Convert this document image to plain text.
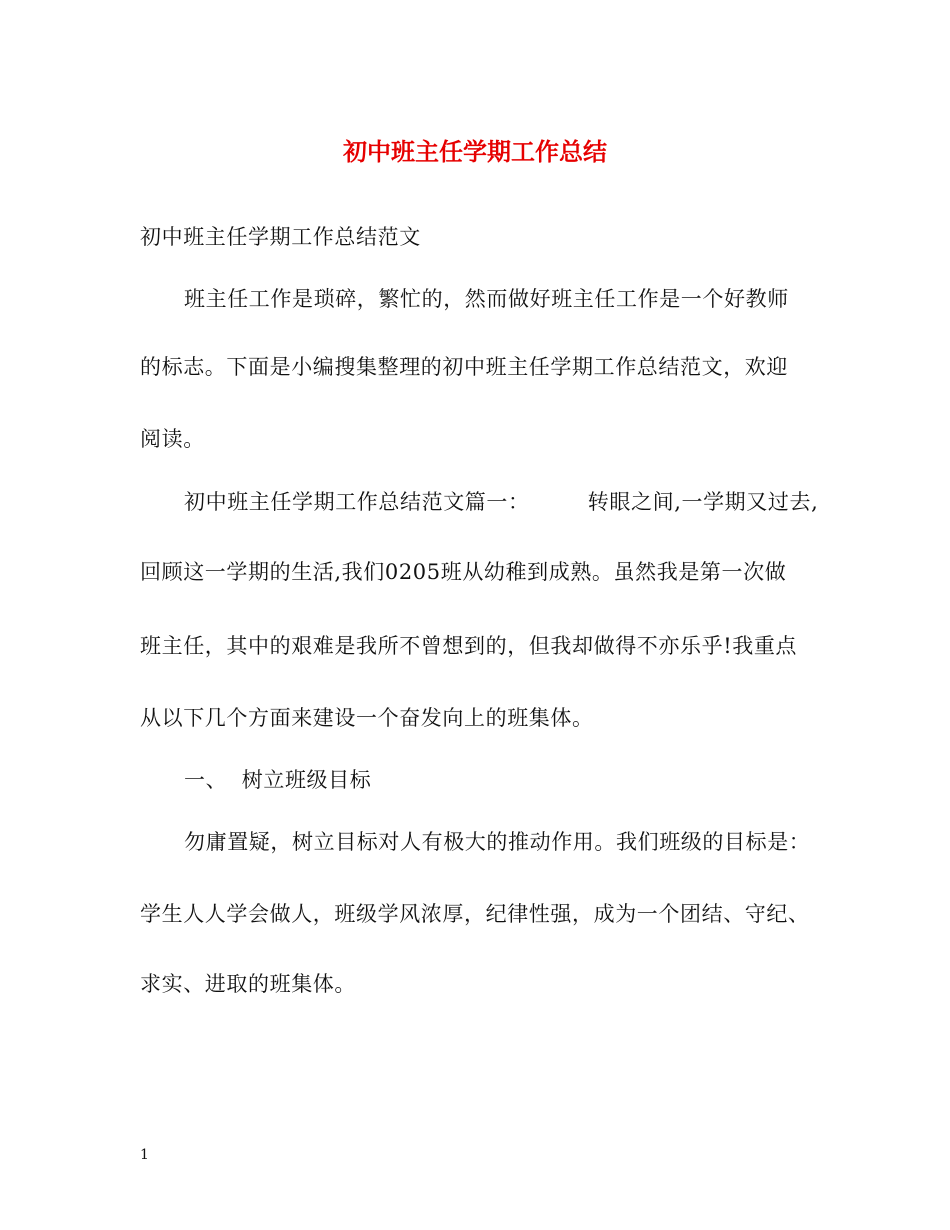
初中班主任学期工作总结
初中班主任学期工作总结范文
班主任工作是琐碎，繁忙的，然而做好班主任工作是一个好教师
的标志。下面是小编搜集整理的初中班主任学期工作总结范文，欢迎
阅读。
初中班主任学期工作总结范文篇一：        转眼之间,一学期又过去,
回顾这一学期的生活,我们0205班从幼稚到成熟。虽然我是第一次做
班主任，其中的艰难是我所不曾想到的，但我却做得不亦乐乎!我重点
从以下几个方面来建设一个奋发向上的班集体。
一、  树立班级目标
勿庸置疑，树立目标对人有极大的推动作用。我们班级的目标是：
学生人人学会做人，班级学风浓厚，纪律性强，成为一个团结、守纪、
求实、进取的班集体。
1
